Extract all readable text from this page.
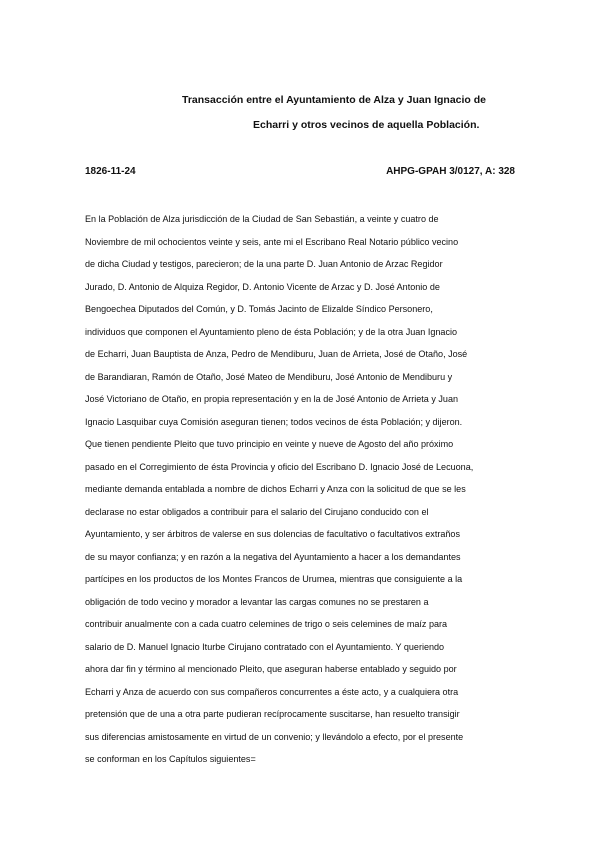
Transacción entre el Ayuntamiento de Alza y Juan Ignacio de
Echarri y otros vecinos de aquella Población.
1826-11-24	AHPG-GPAH 3/0127, A: 328
En la Población de Alza jurisdicción de la Ciudad de San Sebastián, a veinte y cuatro de
Noviembre de mil ochocientos veinte y seis, ante mi el Escribano Real Notario público vecino
de dicha Ciudad y testigos, parecieron; de la una parte D. Juan Antonio de Arzac Regidor
Jurado, D. Antonio de Alquiza Regidor, D. Antonio Vicente de Arzac y D. José Antonio de
Bengoechea Diputados del Común, y D. Tomás Jacinto de Elizalde Síndico Personero,
individuos que componen el Ayuntamiento pleno de ésta Población; y de la otra Juan Ignacio
de Echarri, Juan Bauptista de Anza, Pedro de Mendiburu, Juan de Arrieta, José de Otaño, José
de Barandiaran, Ramón de Otaño, José Mateo de Mendiburu, José Antonio de Mendiburu y
José Victoriano de Otaño, en propia representación y en la de José Antonio de Arrieta y Juan
Ignacio Lasquibar cuya Comisión aseguran tienen; todos vecinos de ésta Población; y dijeron.
Que tienen pendiente Pleito que tuvo principio en veinte y nueve de Agosto del año próximo
pasado en el Corregimiento de ésta Provincia y oficio del Escribano D. Ignacio José de Lecuona,
mediante demanda entablada a nombre de dichos Echarri y Anza con la solicitud de que se les
declarase no estar obligados a contribuir para el salario del Cirujano conducido con el
Ayuntamiento, y ser árbitros de valerse en sus dolencias de facultativo o facultativos extraños
de su mayor confianza; y en razón a la negativa del Ayuntamiento a hacer a los demandantes
partícipes en los productos de los Montes Francos de Urumea, mientras que consiguiente a la
obligación de todo vecino y morador a levantar las cargas comunes no se prestaren a
contribuir anualmente con a cada cuatro celemines de trigo o seis celemines de maíz para
salario de D. Manuel Ignacio Iturbe Cirujano contratado con el Ayuntamiento. Y queriendo
ahora dar fin y término al mencionado Pleito, que aseguran haberse entablado y seguido por
Echarri y Anza de acuerdo con sus compañeros concurrentes a éste acto, y a cualquiera otra
pretensión que de una a otra parte pudieran recíprocamente suscitarse, han resuelto transigir
sus diferencias amistosamente en virtud de un convenio; y llevándolo a efecto, por el presente
se conforman en los Capítulos siguientes=
